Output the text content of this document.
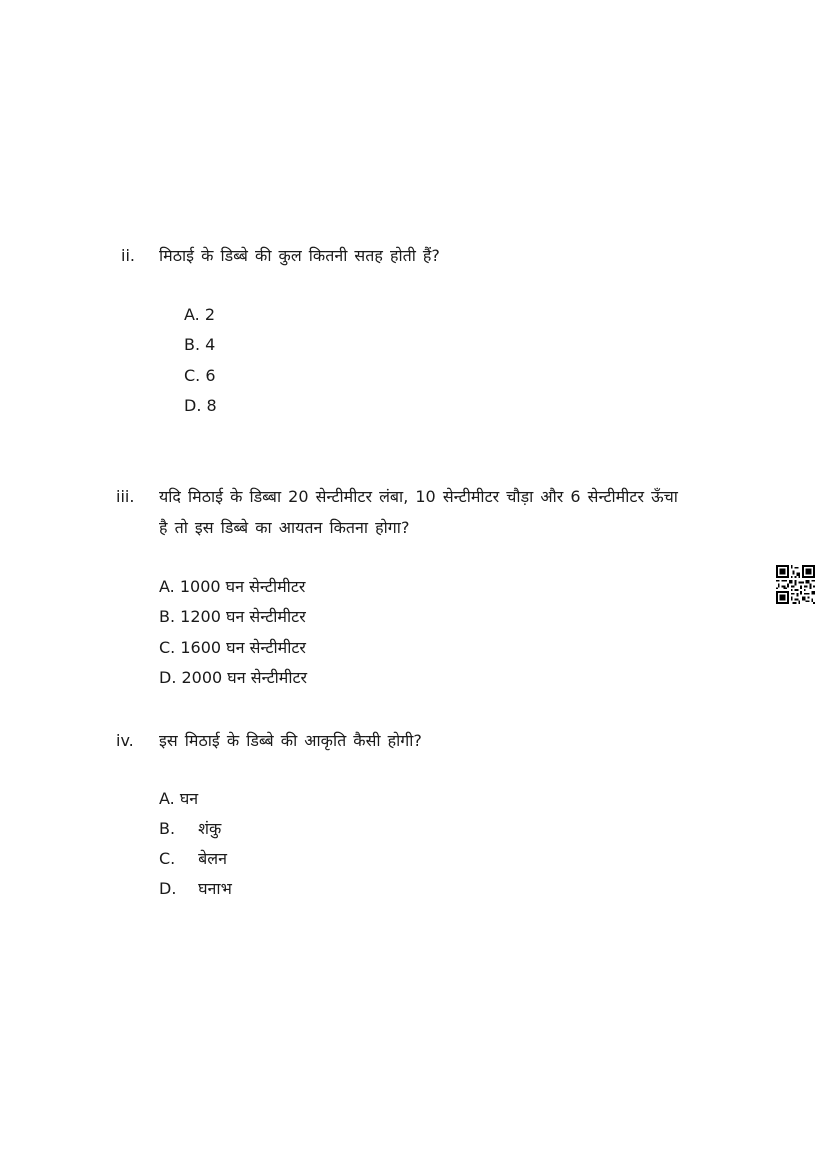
ii. मिठाई के डिब्बे की कुल कितनी सतह होती हैं?
A. 2
B. 4
C. 6
D. 8
iii. यदि मिठाई के डिब्बा 20 सेन्टीमीटर लंबा, 10 सेन्टीमीटर चौड़ा और 6 सेन्टीमीटर ऊँचा
है तो इस डिब्बे का आयतन कितना होगा?
A. 1000 घन सेन्टीमीटर
B. 1200 घन सेन्टीमीटर
C. 1600 घन सेन्टीमीटर
D. 2000 घन सेन्टीमीटर
iv. इस मिठाई के डिब्बे की आकृति कैसी होगी?
A. घन
B. शंकु
C. बेलन
D. घनाभ
